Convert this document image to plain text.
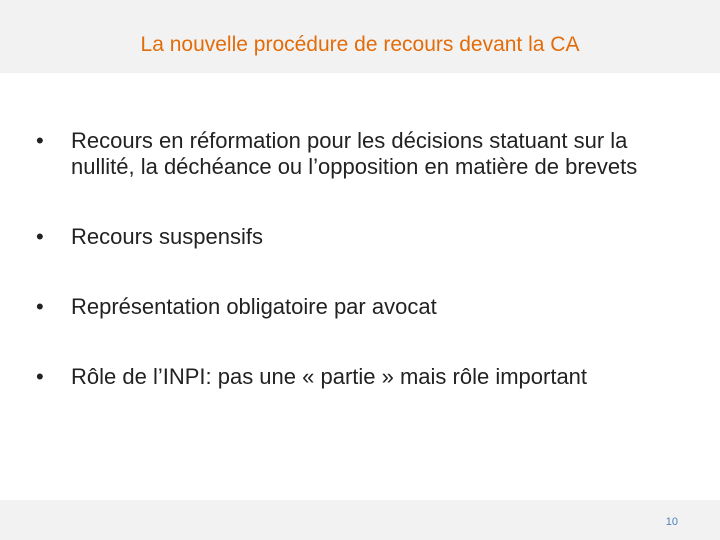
La nouvelle procédure de recours devant la CA
•	Recours en réformation pour les décisions statuant sur la nullité, la déchéance ou l’opposition en matière de brevets
•	Recours suspensifs
•	Représentation obligatoire par avocat
•	Rôle de l’INPI: pas une « partie » mais rôle important
10
